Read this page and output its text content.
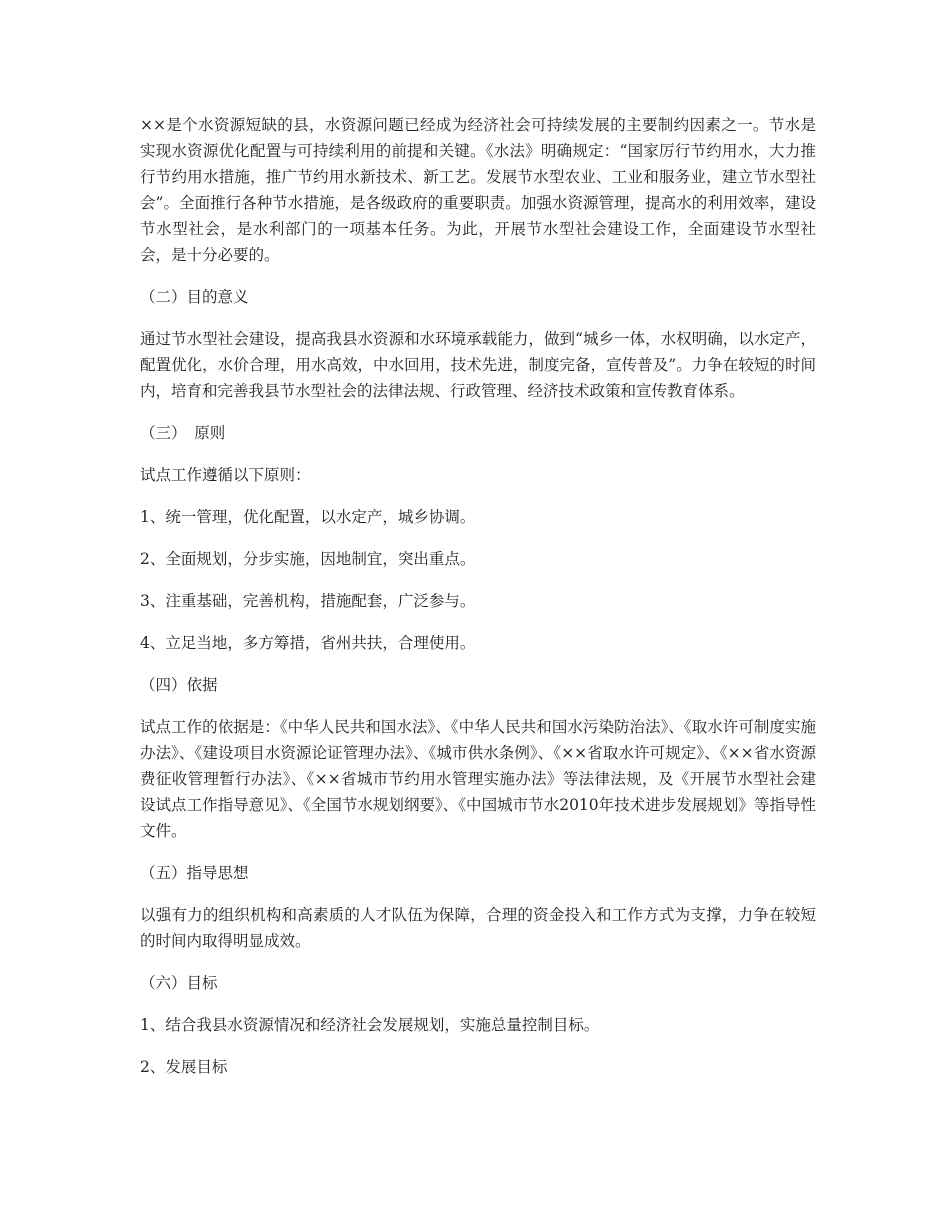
××是个水资源短缺的县，水资源问题已经成为经济社会可持续发展的主要制约因素之一。节水是实现水资源优化配置与可持续利用的前提和关键。《水法》明确规定：“国家厉行节约用水，大力推行节约用水措施，推广节约用水新技术、新工艺。发展节水型农业、工业和服务业，建立节水型社会”。全面推行各种节水措施，是各级政府的重要职责。加强水资源管理，提高水的利用效率，建设节水型社会，是水利部门的一项基本任务。为此，开展节水型社会建设工作，全面建设节水型社会，是十分必要的。

（二）目的意义

通过节水型社会建设，提高我县水资源和水环境承载能力，做到“城乡一体，水权明确，以水定产，配置优化，水价合理，用水高效，中水回用，技术先进，制度完备，宣传普及”。力争在较短的时间内，培育和完善我县节水型社会的法律法规、行政管理、经济技术政策和宣传教育体系。

（三）　原则

试点工作遵循以下原则：

1、统一管理，优化配置，以水定产，城乡协调。

2、全面规划，分步实施，因地制宜，突出重点。

3、注重基础，完善机构，措施配套，广泛参与。

4、立足当地，多方筹措，省州共扶，合理使用。

（四）依据

试点工作的依据是：《中华人民共和国水法》、《中华人民共和国水污染防治法》、《取水许可制度实施办法》、《建设项目水资源论证管理办法》、《城市供水条例》、《××省取水许可规定》、《××省水资源费征收管理暂行办法》、《××省城市节约用水管理实施办法》等法律法规，及《开展节水型社会建设试点工作指导意见》、《全国节水规划纲要》、《中国城市节水2010年技术进步发展规划》等指导性文件。

（五）指导思想

以强有力的组织机构和高素质的人才队伍为保障，合理的资金投入和工作方式为支撑，力争在较短的时间内取得明显成效。

（六）目标

1、结合我县水资源情况和经济社会发展规划，实施总量控制目标。

2、发展目标
